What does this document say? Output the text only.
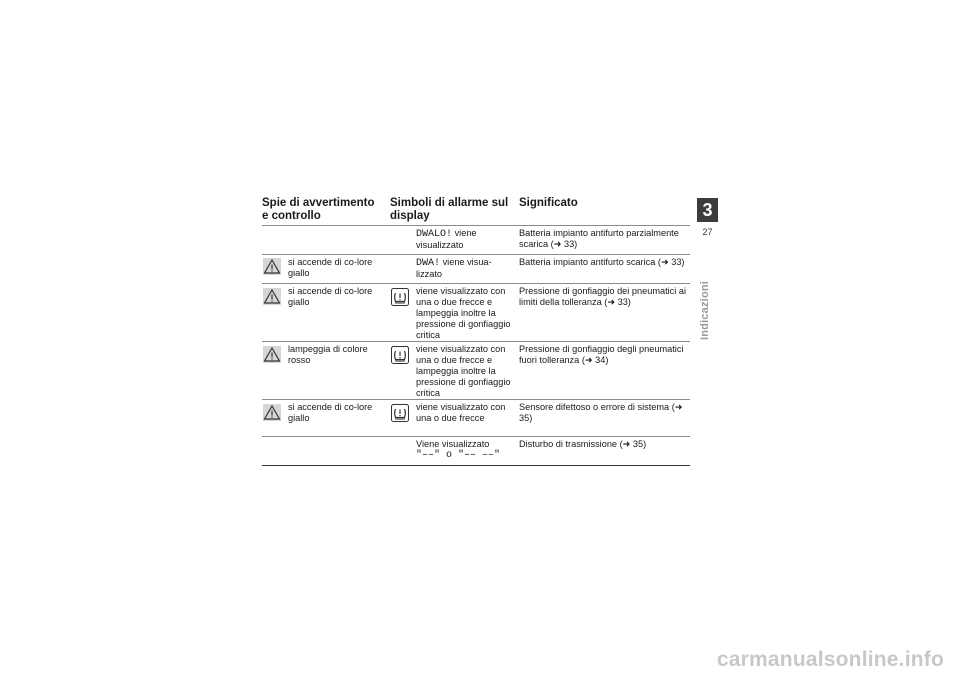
Spie di avvertimento e controllo
Simboli di allarme sul display
Significato
DWALO! viene visualizzato
Batteria impianto antifurto parzialmente scarica (➜ 33)
si accende di co-lore giallo
DWA! viene visua-lizzato
Batteria impianto antifurto scarica (➜ 33)
si accende di co-lore giallo
viene visualizzato con una o due frecce e lampeggia inoltre la pressione di gonfiaggio critica
Pressione di gonfiaggio dei pneumatici ai limiti della tolleranza (➜ 33)
lampeggia di colore rosso
viene visualizzato con una o due frecce e lampeggia inoltre la pressione di gonfiaggio critica
Pressione di gonfiaggio degli pneumatici fuori tolleranza (➜ 34)
si accende di co-lore giallo
viene visualizzato con una o due frecce
Sensore difettoso o errore di sistema (➜ 35)
Viene visualizzato
"––" o "–– ––"
Disturbo di trasmissione (➜ 35)
3
27
Indicazioni
carmanualsonline.info
